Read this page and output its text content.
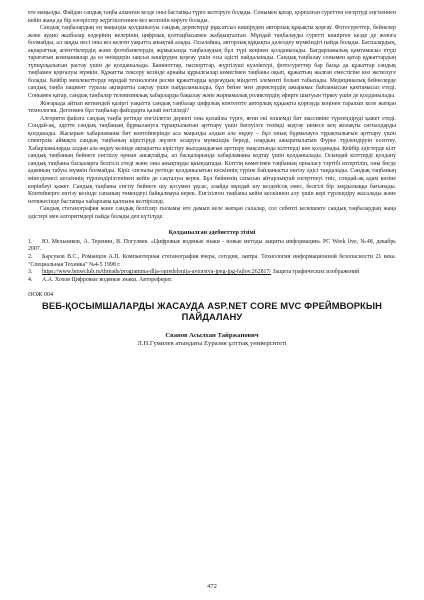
ете маңызды. Файдан сандық таңба алынған кезде оны бастапқы түрге келтіруге болады. Сонымен қатар, қорғалған суреттен өзгертуді еңгізеннен кейін жаңа да бір өзгерістер жүргізілгеннен кез келгенін көруге болады.

Сандық таңбалардың ең маңызды қолданылуы сандық деректерді рұқсатсыз көшіруден авторлық құқықты қорғау. Фотосуреттер, бейнелер және аудио жазбалар өздерінің иелерінің цифрлық қолтаңбасымен жабдықталған. Мұндай таңбалауды суретті көшірген кезде де жоюға болмайды, ал заңды иесі оны кез келген уақытта анықтай алады. Осылайша, авторлық құқықты дәлелдеу мүмкіндігі пайда болады. Баспалардың, ақпараттық агенттіктердің және фотобанктердің жұмысында таңбалаудың бұл түрі кеңінен қолданылады. Бағдарламалық қамтамасыз етуді тарататын компаниялар да өз өнімдерін заңсыз көшіруден қорғау үшін осы әдісті пайдаланады. Сандық таңбалау сонымен қатар құжаттардың түпнұсқалығын растау үшін де қолданылады. Банкноттар, паспорттар, жүргізуші куәліктері, фотосуреттер бар басқа да құжаттар сандық таңбамен қорғалуы мүмкін. Құжатты тексеру кезінде арнайы құрылғылар көмегімен таңбаны оқып, құжаттың жалған еместігіне көз жеткізуге болады. Кейбір мемлекеттерде мұндай технология ресми құжаттарды қорғаудың міндетті элементі болып табылады. Медициналық бейнелерде сандық таңба пациент туралы ақпаратты сақтау үшін пайдаланылады, бұл бейне мен деректердің ажырамас байланысын қамтамасыз етеді. Сонымен қатар, сандық таңбалар телевизиялық хабарларды бақылау және жарнамалық роликтердің эфирге шығуын тіркеу үшін де қолданылады.

Жоғарыда айтып кеткендей қазіргі уақытта сандық таңбалар цифрлық контентте авторлық құқықты қорғауда кеңінен таралып келе жатқан технология. Дегенмен бұл таңбалар файлдарға қалай енгізіледі?

Алгоритм файлға сандық таңба ретінде енгізілетін деректі оны қолайлы түрге, яғни екі өлшемді бит массивіне түрлендіруді қажет етеді. Сондай-ақ, әдетте сандық таңбаның бұрмалануға тұрақтылығын арттыру үшін бөгеуілге төзімді кодтау немесе кең жолақты сигналдарды қолданады. Жасырын хабарламаны бит контейнерінде аса маңызды алдын ала өңдеу – бұл оның бұрмалауға тұрақтылығын арттыру үшін спектрлік аймақта сандық таңбаның кірістіруді жүзеге асыруға мүмкіндік береді, олардың ажыратылатын Фурье түрлендіруін есептеу. Хабарламаларды алдын ала өңдеу кезінде ақпаратты кірістіру жылдамдығын арттыру мақсатында кілттерді көп қолданады. Кейбір әдістерде кілт сандық таңбаның бейнеге енгізілу орнын анықтайды, ал басқаларында хабарламаны кодтау үшін қолданылады. Осындай кілттерді қолдану сандық таңбаны басқаларға белгісіз етеді және оны анықтауды қиындатады. Кілттің көмегімен таңбаның орналасу тәртібі өзгертіліп, оны бөгде адамның табуы мүмкін болмайды. Кіріс сигналы ретінде қолданылатын кескіннің түріне байланысты енгізу әдісі таңдалады. Сандық таңбаның мінездемесі кескіннің түрлендірілгенінен кейін де сақталуы керек. Бұл бейненің сапасын айтарлықтай өзгертпеуі тиіс, сондай-ақ адам көзіне көрінбеуі қажет. Сандық таңбаны енгізу бейнеге шу қосумен ұқсас, алайда мұндай шу кездейсоқ емес, белгілі бір заңдылыққа бағынады. Контейнерге енгізу кезінде сапаның төмендеуі байқалмауы керек. Енгізілген таңбаны кейін кескіннен алу үшін кері түрлендіру жасалады және нәтижесінде бастапқы хабарлама қалпына келтіріледі.

Сандық стеганография және сандық белгілер ғылымы өте дамып келе жатқан салалар, сол себепті келешекте сандық таңбалардың жаңа әдістері мен алгоритмдері пайда болады деп күтілуде.

Қолданылған әдебиеттер тізімі

1. Ю. Мельников, А. Теренин, В. Погуляев. «Цифровые водяные знаки - новые методы защиты информации» PC Week live, №48, декабрь 2007.

2. Барсуков В.С., Романцов А.П. Компьютерная стеганография вчера, сегодня, завтра. Технологии информационной безопасности 21 века. "Специальная Техника" №4-5 1998 г.

3. https://www.bmwclub.ru/threads/programma-dlja-opredelenija-avtorstva-jpeg-jpg-fajlov.262817/ Защита графических изображений

4. А.А. Хохов Цифровые водяные знаки. Автореферат.

ӘОЖ 004
ВЕБ-ҚОСЫМШАЛАРДЫ ЖАСАУДА ASP.NET CORE MVC ФРЕЙМВОРКЫН
ПАЙДАЛАНУ
Сванов Асылхан Тайржанович
Л.Н.Гумилев атындағы Еуразия ұлттық университеті
472
